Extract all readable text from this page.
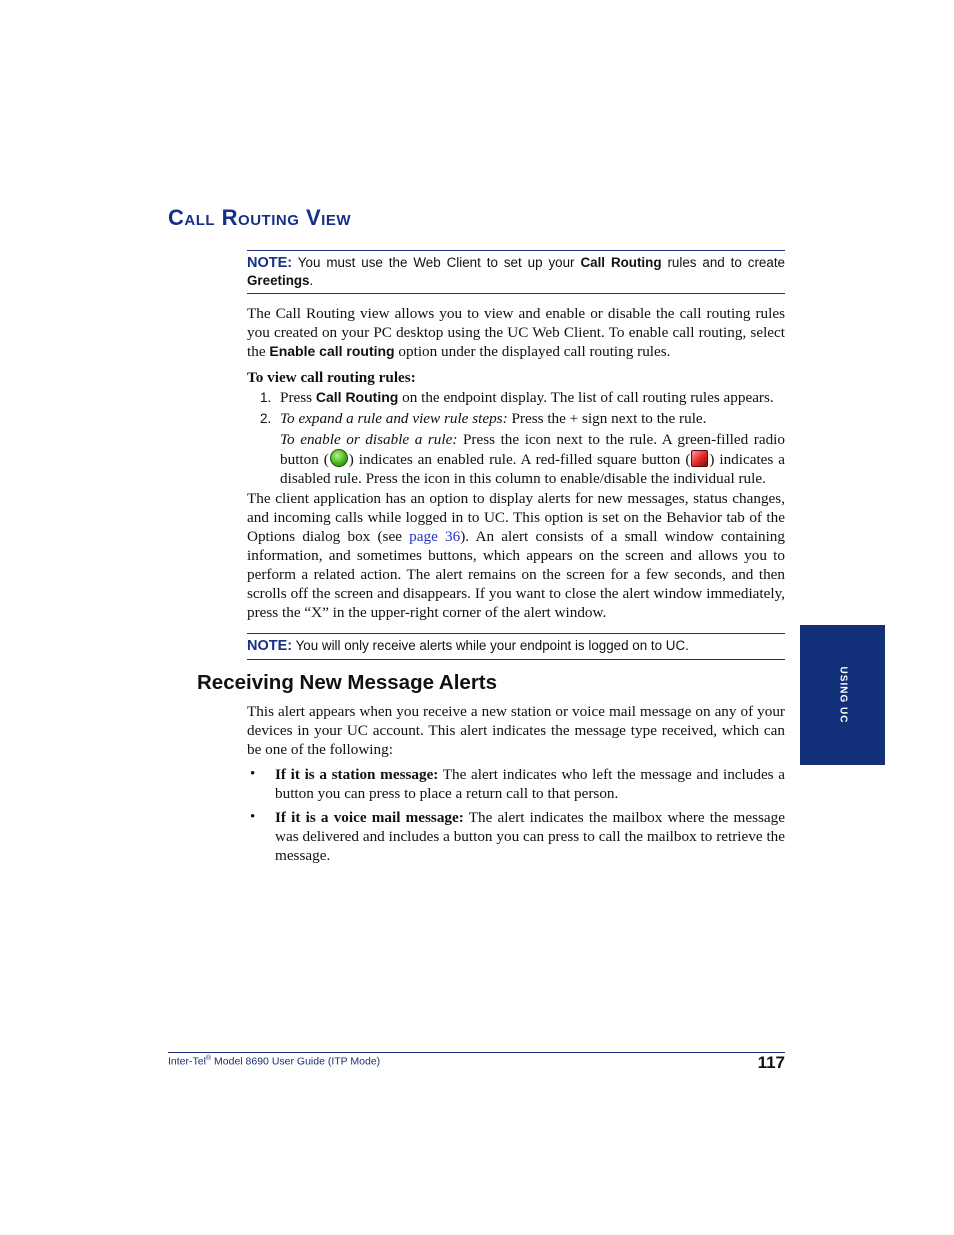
Call Routing View
NOTE: You must use the Web Client to set up your Call Routing rules and to create Greetings.

The Call Routing view allows you to view and enable or disable the call routing rules you created on your PC desktop using the UC Web Client. To enable call routing, select the Enable call routing option under the displayed call routing rules.

To view call routing rules:

1. Press Call Routing on the endpoint display. The list of call routing rules appears.
2. To expand a rule and view rule steps: Press the + sign next to the rule.
To enable or disable a rule: Press the icon next to the rule. A green-filled radio button ( ) indicates an enabled rule. A red-filled square button ( ) indicates a disabled rule. Press the icon in this column to enable/disable the individual rule.

The client application has an option to display alerts for new messages, status changes, and incoming calls while logged in to UC. This option is set on the Behavior tab of the Options dialog box (see page 36). An alert consists of a small window containing information, and sometimes buttons, which appears on the screen and allows you to perform a related action. The alert remains on the screen for a few seconds, and then scrolls off the screen and disappears. If you want to close the alert window immediately, press the “X” in the upper-right corner of the alert window.

NOTE: You will only receive alerts while your endpoint is logged on to UC.
Receiving New Message Alerts

This alert appears when you receive a new station or voice mail message on any of your devices in your UC account. This alert indicates the message type received, which can be one of the following:

• If it is a station message: The alert indicates who left the message and includes a button you can press to place a return call to that person.
• If it is a voice mail message: The alert indicates the mailbox where the message was delivered and includes a button you can press to call the mailbox to retrieve the message.
USING UC
Inter-Tel® Model 8690 User Guide (ITP Mode)	117
